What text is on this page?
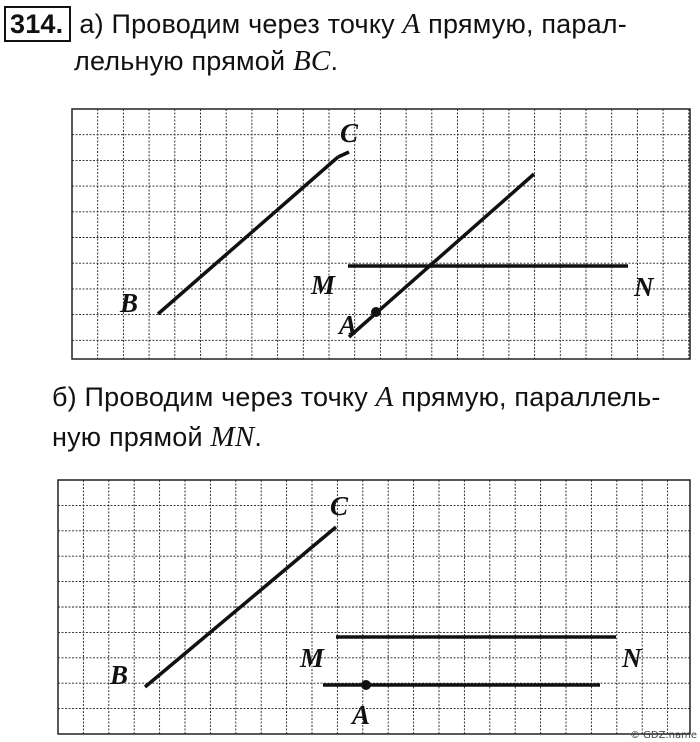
314. а) Проводим через точку A прямую, парал-
лельную прямой BC.
б) Проводим через точку A прямую, параллель-
ную прямой MN.
B
C
M	N
A
B
C
M	N
A
© GDZ.name
